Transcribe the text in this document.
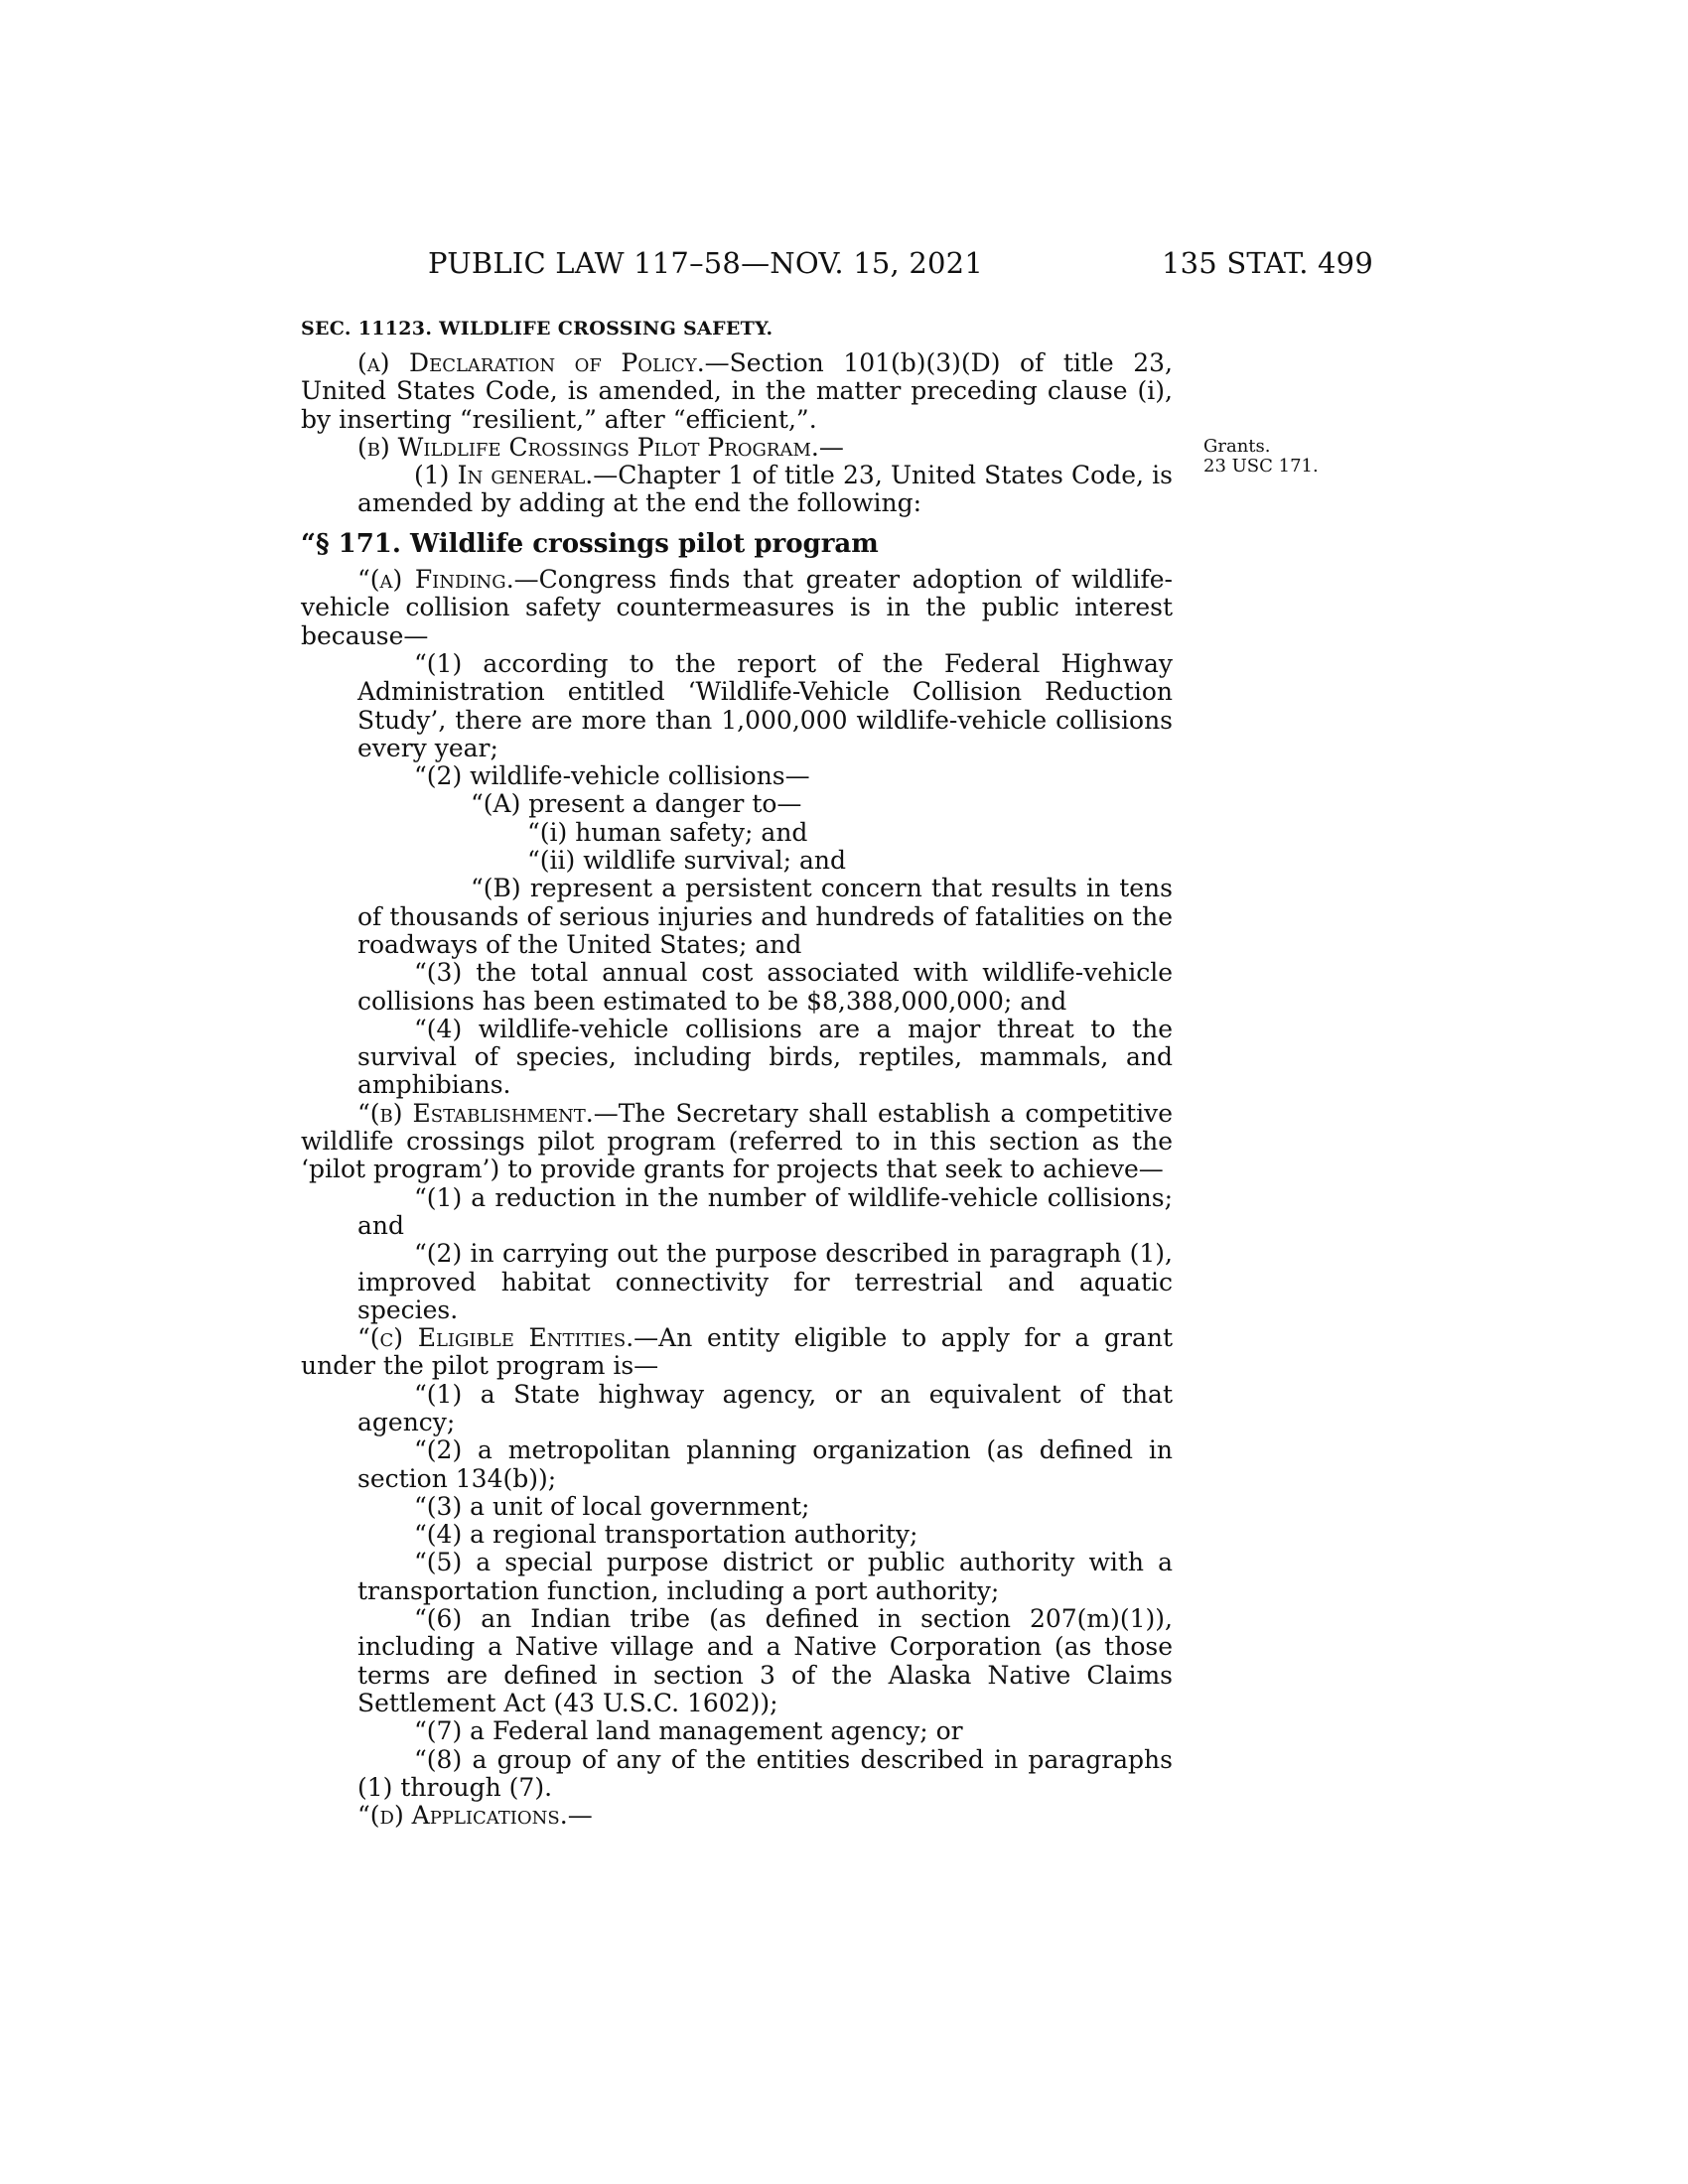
PUBLIC LAW 117–58—NOV. 15, 2021	135 STAT. 499
SEC. 11123. WILDLIFE CROSSING SAFETY.
Grants.
23 USC 171.

(a) Declaration of Policy.—Section 101(b)(3)(D) of title 23, United States Code, is amended, in the matter preceding clause (i), by inserting “resilient,” after “efficient,”.

(b) Wildlife Crossings Pilot Program.—

(1) In general.—Chapter 1 of title 23, United States Code, is amended by adding at the end the following:

“§ 171. Wildlife crossings pilot program

“(a) Finding.—Congress finds that greater adoption of wildlife-vehicle collision safety countermeasures is in the public interest because—

“(1) according to the report of the Federal Highway Administration entitled ‘Wildlife-Vehicle Collision Reduction Study’, there are more than 1,000,000 wildlife-vehicle collisions every year;

“(2) wildlife-vehicle collisions—

“(A) present a danger to—

“(i) human safety; and

“(ii) wildlife survival; and

“(B) represent a persistent concern that results in tens of thousands of serious injuries and hundreds of fatalities on the roadways of the United States; and

“(3) the total annual cost associated with wildlife-vehicle collisions has been estimated to be $8,388,000,000; and

“(4) wildlife-vehicle collisions are a major threat to the survival of species, including birds, reptiles, mammals, and amphibians.

“(b) Establishment.—The Secretary shall establish a competitive wildlife crossings pilot program (referred to in this section as the ‘pilot program’) to provide grants for projects that seek to achieve—

“(1) a reduction in the number of wildlife-vehicle collisions; and

“(2) in carrying out the purpose described in paragraph (1), improved habitat connectivity for terrestrial and aquatic species.

“(c) Eligible Entities.—An entity eligible to apply for a grant under the pilot program is—

“(1) a State highway agency, or an equivalent of that agency;

“(2) a metropolitan planning organization (as defined in section 134(b));

“(3) a unit of local government;

“(4) a regional transportation authority;

“(5) a special purpose district or public authority with a transportation function, including a port authority;

“(6) an Indian tribe (as defined in section 207(m)(1)), including a Native village and a Native Corporation (as those terms are defined in section 3 of the Alaska Native Claims Settlement Act (43 U.S.C. 1602));

“(7) a Federal land management agency; or

“(8) a group of any of the entities described in paragraphs (1) through (7).

“(d) Applications.—
